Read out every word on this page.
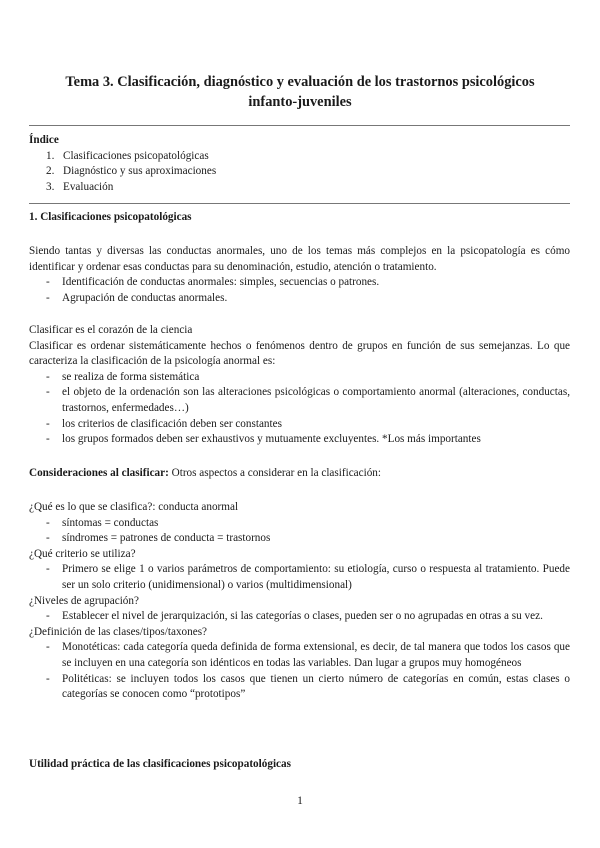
Tema 3. Clasificación, diagnóstico y evaluación de los trastornos psicológicos
infanto-juveniles
Índice
1. Clasificaciones psicopatológicas
2. Diagnóstico y sus aproximaciones
3. Evaluación
1. Clasificaciones psicopatológicas

Siendo tantas y diversas las conductas anormales, uno de los temas más complejos en la psicopatología es cómo identificar y ordenar esas conductas para su denominación, estudio, atención o tratamiento.

-	Identificación de conductas anormales: simples, secuencias o patrones.
-	Agrupación de conductas anormales.

Clasificar es el corazón de la ciencia

Clasificar es ordenar sistemáticamente hechos o fenómenos dentro de grupos en función de sus semejanzas. Lo que caracteriza la clasificación de la psicología anormal es:

-	se realiza de forma sistemática
-	el objeto de la ordenación son las alteraciones psicológicas o comportamiento anormal (alteraciones, conductas, trastornos, enfermedades…)
-	los criterios de clasificación deben ser constantes
-	los grupos formados deben ser exhaustivos y mutuamente excluyentes. *Los más importantes
Consideraciones al clasificar: Otros aspectos a considerar en la clasificación:

¿Qué es lo que se clasifica?: conducta anormal

-	síntomas = conductas
-	síndromes = patrones de conducta = trastornos

¿Qué criterio se utiliza?

-	Primero se elige 1 o varios parámetros de comportamiento: su etiología, curso o respuesta al tratamiento. Puede ser un solo criterio (unidimensional) o varios (multidimensional)

¿Niveles de agrupación?

-	Establecer el nivel de jerarquización, si las categorías o clases, pueden ser o no agrupadas en otras a su vez.

¿Definición de las clases/tipos/taxones?

-	Monotéticas: cada categoría queda definida de forma extensional, es decir, de tal manera que todos los casos que se incluyen en una categoría son idénticos en todas las variables. Dan lugar a grupos muy homogéneos
-	Politéticas: se incluyen todos los casos que tienen un cierto número de categorías en común, estas clases o categorías se conocen como “prototipos”
Utilidad práctica de las clasificaciones psicopatológicas
1
